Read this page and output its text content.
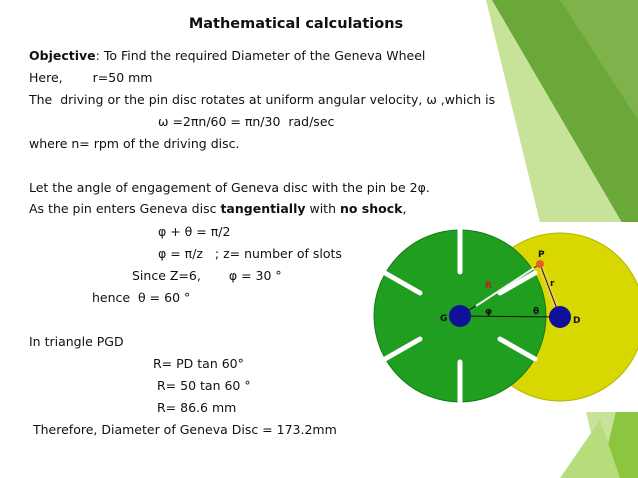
Mathematical calculations
Objective: To Find the required Diameter of the Geneva Wheel
Here, r=50 mm
The  driving or the pin disc rotates at uniform angular velocity, ω ,which is
ω =2πn/60 = πn/30  rad/sec
where n= rpm of the driving disc.
Let the angle of engagement of Geneva disc with the pin be 2φ.
As the pin enters Geneva disc tangentially with no shock,
φ + θ = π/2
φ = π/z   ; z= number of slots
Since Z=6, φ = 30 °
hence  θ = 60 °
In triangle PGD
R= PD tan 60°
R= 50 tan 60 °
R= 86.6 mm
Therefore, Diameter of Geneva Disc = 173.2mm
P
R	r
G	D
φ	θ
